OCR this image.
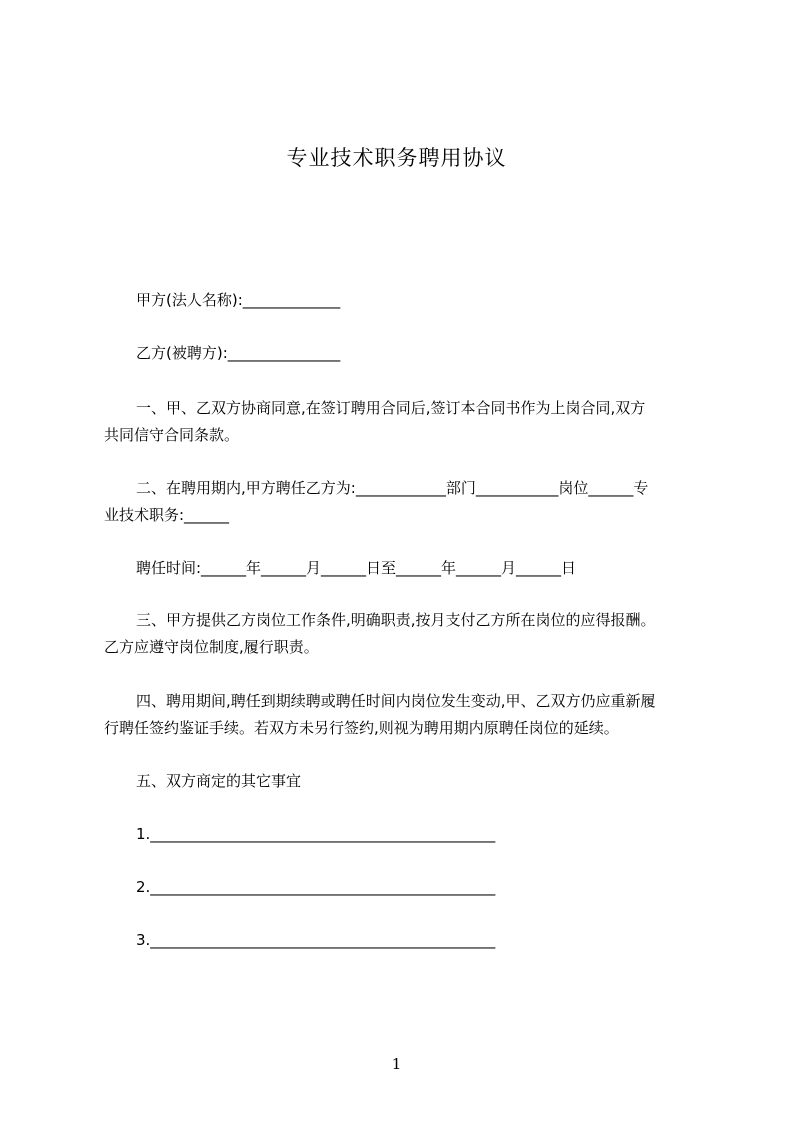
专业技术职务聘用协议
甲方(法人名称):_____________
乙方(被聘方):_______________
一、甲、乙双方协商同意,在签订聘用合同后,签订本合同书作为上岗合同,双方
共同信守合同条款。
二、在聘用期内,甲方聘任乙方为:____________部门___________岗位______专
业技术职务:______
聘任时间:______年______月______日至______年______月______日
三、甲方提供乙方岗位工作条件,明确职责,按月支付乙方所在岗位的应得报酬。
乙方应遵守岗位制度,履行职责。
四、聘用期间,聘任到期续聘或聘任时间内岗位发生变动,甲、乙双方仍应重新履
行聘任签约鉴证手续。若双方未另行签约,则视为聘用期内原聘任岗位的延续。
五、双方商定的其它事宜
1.______________________________________________
2.______________________________________________
3.______________________________________________
1
